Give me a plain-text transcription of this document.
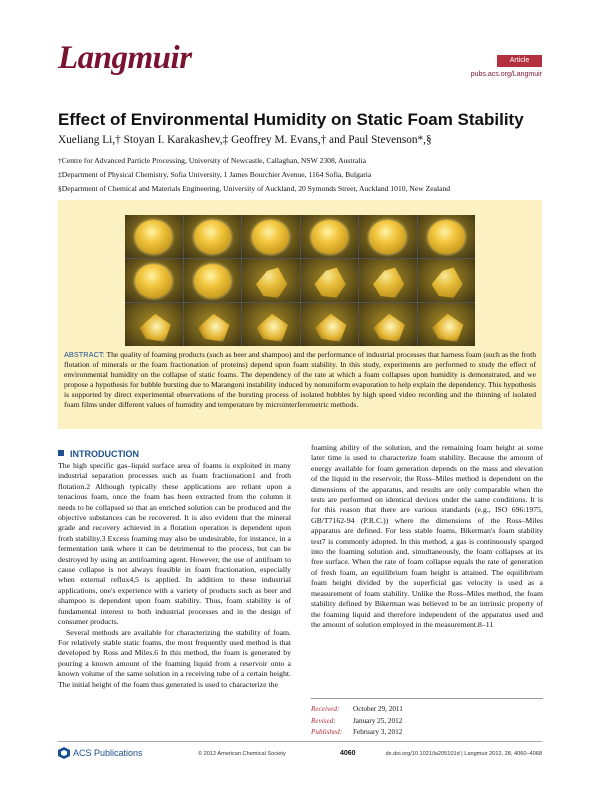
Langmuir	Article
pubs.acs.org/Langmuir
Effect of Environmental Humidity on Static Foam Stability
Xueliang Li,† Stoyan I. Karakashev,‡ Geoffrey M. Evans,† and Paul Stevenson*,§
†Centre for Advanced Particle Processing, University of Newcastle, Callaghan, NSW 2308, Australia
‡Department of Physical Chemistry, Sofia University, 1 James Bourchier Avenue, 1164 Sofia, Bulgaria
§Department of Chemical and Materials Engineering, University of Auckland, 20 Symonds Street, Auckland 1010, New Zealand
ABSTRACT: The quality of foaming products (such as beer and shampoo) and the performance of industrial processes that harness foam (such as the froth flotation of minerals or the foam fractionation of proteins) depend upon foam stability. In this study, experiments are performed to study the effect of environmental humidity on the collapse of static foams. The dependency of the rate at which a foam collapses upon humidity is demonstrated, and we propose a hypothesis for bubble bursting due to Marangoni instability induced by nonuniform evaporation to help explain the dependency. This hypothesis is supported by direct experimental observations of the bursting process of isolated bubbles by high speed video recording and the thinning of isolated foam films under different values of humidity and temperature by microinterferometric methods.
INTRODUCTION

The high specific gas–liquid surface area of foams is exploited in many industrial separation processes such as foam fractionation1 and froth flotation.2 Although typically these applications are reliant upon a tenacious foam, once the foam has been extracted from the column it needs to be collapsed so that an enriched solution can be produced and the objective substances can be recovered. It is also evident that the mineral grade and recovery achieved in a flotation operation is dependent upon froth stability.3 Excess foaming may also be undesirable, for instance, in a fermentation tank where it can be detrimental to the process, but can be destroyed by using an antifoaming agent. However, the use of antifoam to cause collapse is not always feasible in foam fractionation, especially when external reflux4,5 is applied. In addition to these industrial applications, one's experience with a variety of products such as beer and shampoo is dependent upon foam stability. Thus, foam stability is of fundamental interest to both industrial processes and in the design of consumer products.

Several methods are available for characterizing the stability of foam. For relatively stable static foams, the most frequently used method is that developed by Ross and Miles.6 In this method, the foam is generated by pouring a known amount of the foaming liquid from a reservoir onto a known volume of the same solution in a receiving tube of a certain height. The initial height of the foam thus generated is used to characterize the

foaming ability of the solution, and the remaining foam height at some later time is used to characterize foam stability. Because the amount of energy available for foam generation depends on the mass and elevation of the liquid in the reservoir, the Ross–Miles method is dependent on the dimensions of the apparatus, and results are only comparable when the tests are performed on identical devices under the same conditions. It is for this reason that there are various standards (e.g., ISO 696:1975, GB/T7162-94 (P.R.C.)) where the dimensions of the Ross–Miles apparatus are defined. For less stable foams, Bikerman's foam stability test7 is commonly adopted. In this method, a gas is continuously sparged into the foaming solution and, simultaneously, the foam collapses at its free surface. When the rate of foam collapse equals the rate of generation of fresh foam, an equilibrium foam height is attained. The equilibrium foam height divided by the superficial gas velocity is used as a measurement of foam stability. Unlike the Ross–Miles method, the foam stability defined by Bikerman was believed to be an intrinsic property of the foaming liquid and therefore independent of the apparatus used and the amount of solution employed in the measurement.8–11

Received: October 29, 2011
Revised: January 25, 2012
Published: February 3, 2012
ACS Publications	© 2012 American Chemical Society	4060	dx.doi.org/10.1021/la205101d | Langmuir 2012, 28, 4060–4068
